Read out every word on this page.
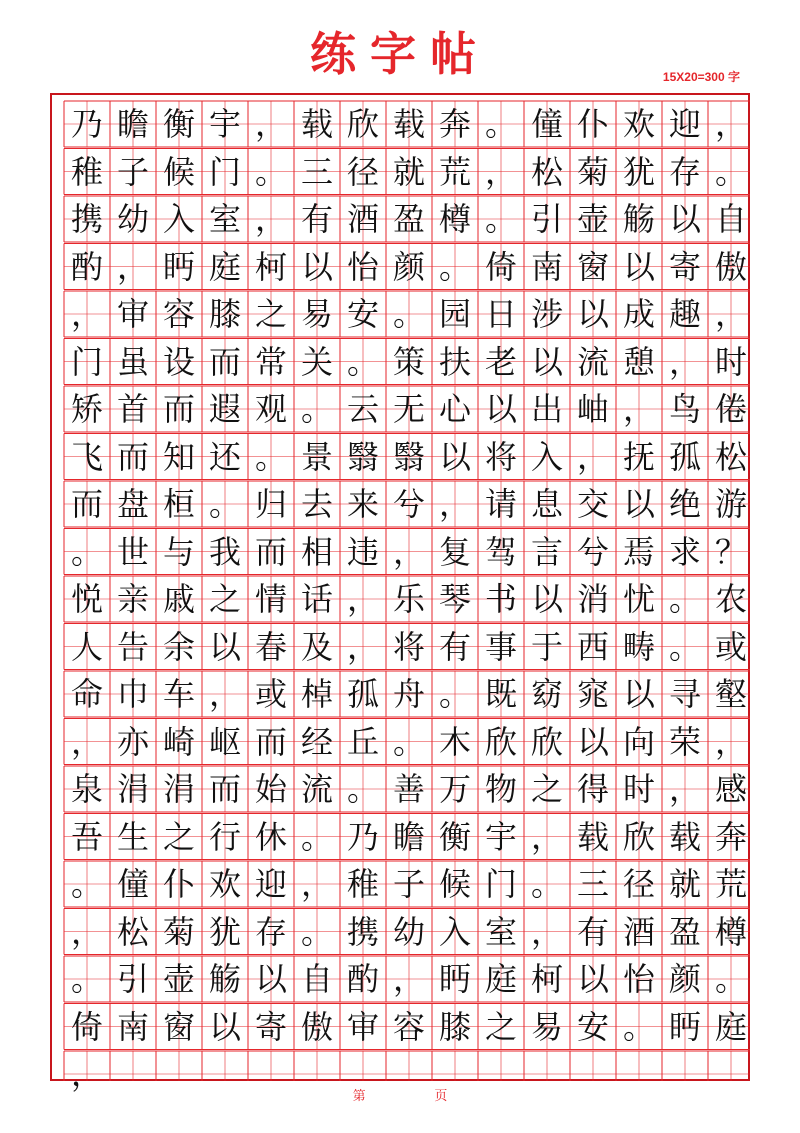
练字帖	15X20=300 字
乃 瞻 衡 宇 ， 载 欣 载 奔 。 僮 仆 欢 迎 ，
稚 子 候 门 。 三 径 就 荒 ， 松 菊 犹 存 。
携 幼 入 室 ， 有 酒 盈 樽 。 引 壶 觞 以 自
酌 ， 眄 庭 柯 以 怡 颜 。 倚 南 窗 以 寄 傲
， 审 容 膝 之 易 安 。 园 日 涉 以 成 趣 ，
门 虽 设 而 常 关 。 策 扶 老 以 流 憩 ， 时
矫 首 而 遐 观 。 云 无 心 以 出 岫 ， 鸟 倦
飞 而 知 还 。 景 翳 翳 以 将 入 ， 抚 孤 松
而 盘 桓 。 归 去 来 兮 ， 请 息 交 以 绝 游
。 世 与 我 而 相 违 ， 复 驾 言 兮 焉 求 ？
悦 亲 戚 之 情 话 ， 乐 琴 书 以 消 忧 。 农
人 告 余 以 春 及 ， 将 有 事 于 西 畴 。 或
命 巾 车 ， 或 棹 孤 舟 。 既 窈 窕 以 寻 壑
， 亦 崎 岖 而 经 丘 。 木 欣 欣 以 向 荣 ，
泉 涓 涓 而 始 流 。 善 万 物 之 得 时 ， 感
吾 生 之 行 休 。 乃 瞻 衡 宇 ， 载 欣 载 奔
。 僮 仆 欢 迎 ， 稚 子 候 门 。 三 径 就 荒
， 松 菊 犹 存 。 携 幼 入 室 ， 有 酒 盈 樽
。 引 壶 觞 以 自 酌 ， 眄 庭 柯 以 怡 颜 。
倚 南 窗 以 寄 傲 审 容 膝 之 易 安 。 眄 庭
，
第	页
